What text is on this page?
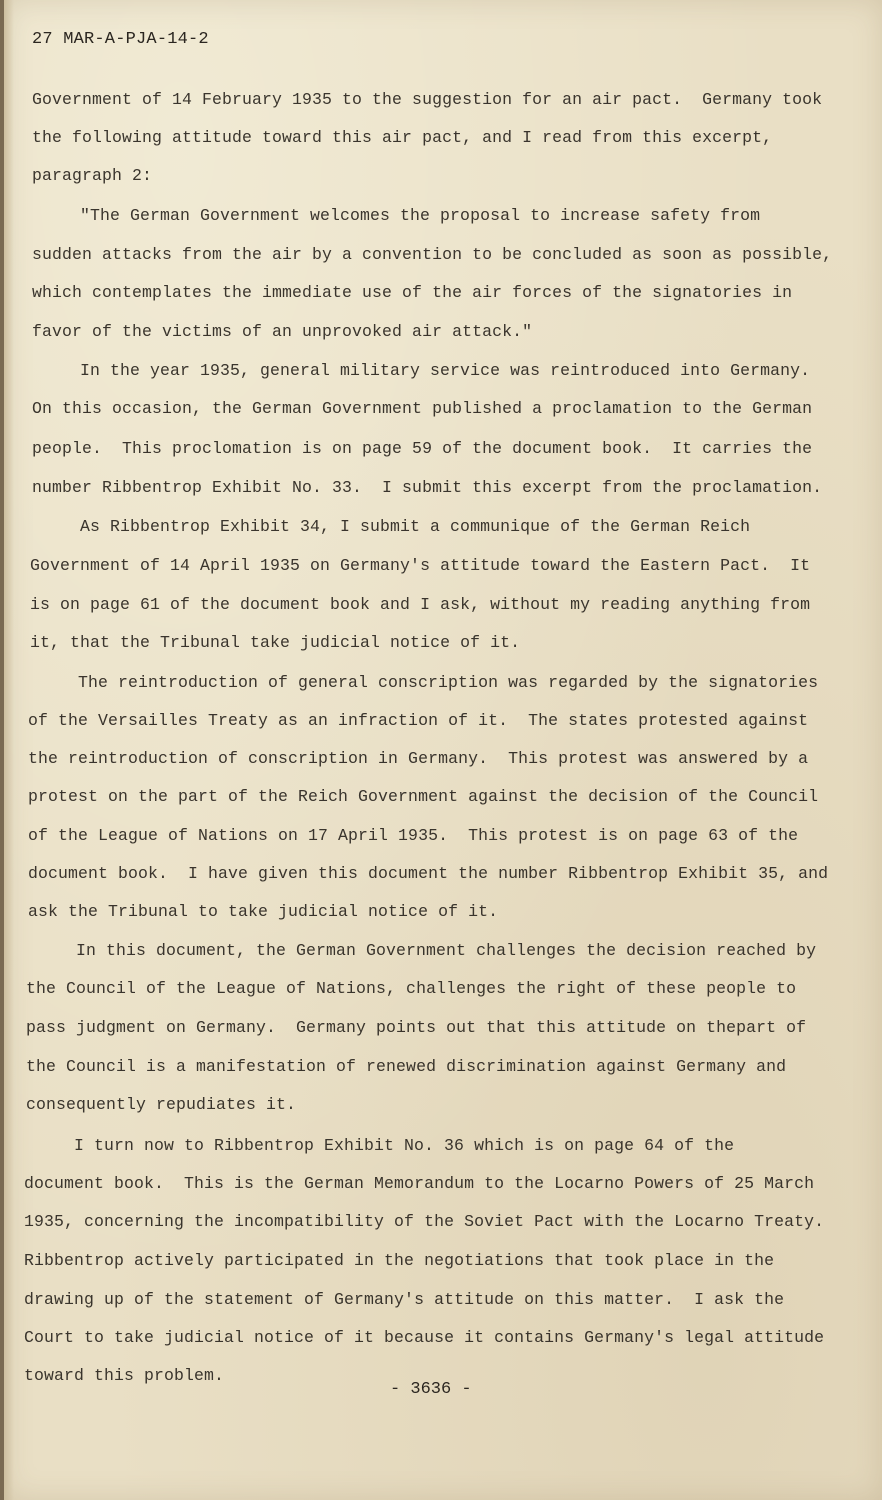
27 MAR-A-PJA-14-2
Government of 14 February 1935 to the suggestion for an air pact.  Germany took
the following attitude toward this air pact, and I read from this excerpt,
paragraph 2:
"The German Government welcomes the proposal to increase safety from
sudden attacks from the air by a convention to be concluded as soon as possible,
which contemplates the immediate use of the air forces of the signatories in
favor of the victims of an unprovoked air attack."
In the year 1935, general military service was reintroduced into Germany.
On this occasion, the German Government published a proclamation to the German
people.  This proclomation is on page 59 of the document book.  It carries the
number Ribbentrop Exhibit No. 33.  I submit this excerpt from the proclamation.
As Ribbentrop Exhibit 34, I submit a communique of the German Reich
Government of 14 April 1935 on Germany's attitude toward the Eastern Pact.  It
is on page 61 of the document book and I ask, without my reading anything from
it, that the Tribunal take judicial notice of it.
The reintroduction of general conscription was regarded by the signatories
of the Versailles Treaty as an infraction of it.  The states protested against
the reintroduction of conscription in Germany.  This protest was answered by a
protest on the part of the Reich Government against the decision of the Council
of the League of Nations on 17 April 1935.  This protest is on page 63 of the
document book.  I have given this document the number Ribbentrop Exhibit 35, and
ask the Tribunal to take judicial notice of it.
In this document, the German Government challenges the decision reached by
the Council of the League of Nations, challenges the right of these people to
pass judgment on Germany.  Germany points out that this attitude on thepart of
the Council is a manifestation of renewed discrimination against Germany and
consequently repudiates it.
I turn now to Ribbentrop Exhibit No. 36 which is on page 64 of the
document book.  This is the German Memorandum to the Locarno Powers of 25 March
1935, concerning the incompatibility of the Soviet Pact with the Locarno Treaty.
Ribbentrop actively participated in the negotiations that took place in the
drawing up of the statement of Germany's attitude on this matter.  I ask the
Court to take judicial notice of it because it contains Germany's legal attitude
toward this problem.
- 3636 -
